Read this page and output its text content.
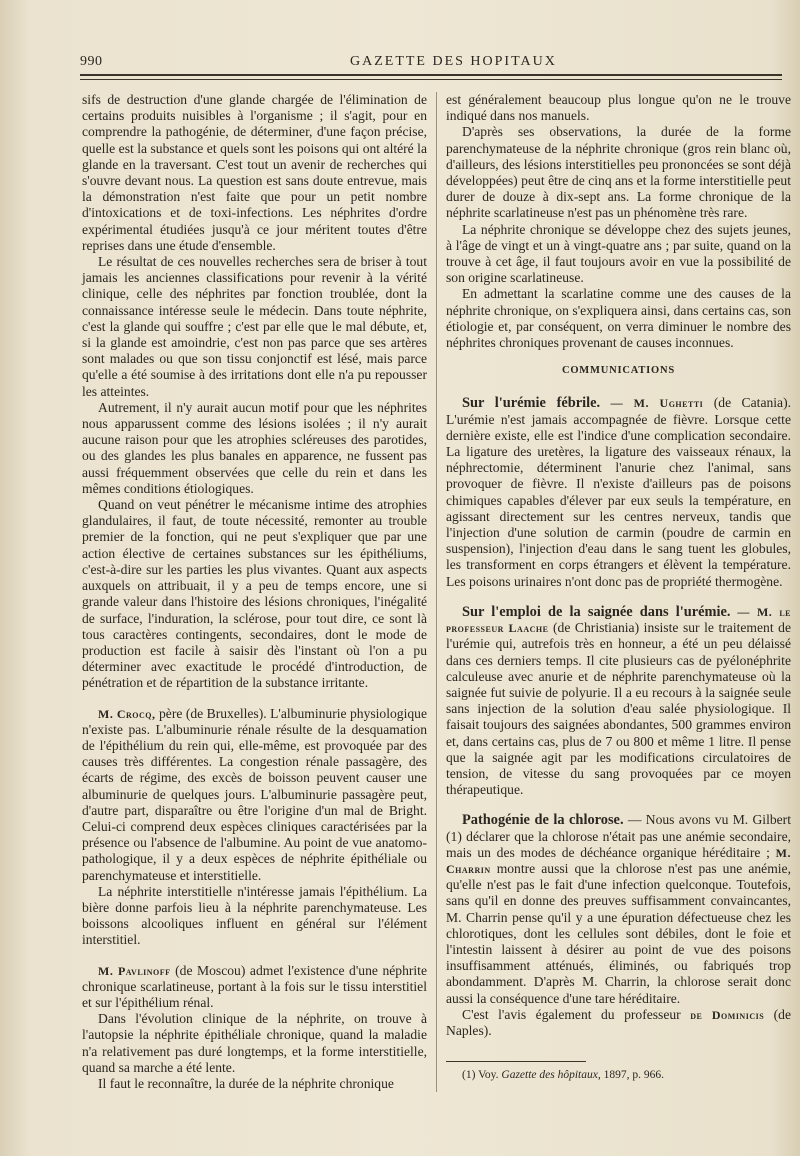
990	GAZETTE DES HOPITAUX

sifs de destruction d'une glande chargée de l'élimination de certains produits nuisibles à l'organisme ; il s'agit, pour en comprendre la pathogénie, de déterminer, d'une façon précise, quelle est la substance et quels sont les poisons qui ont altéré la glande en la traversant. C'est tout un avenir de recherches qui s'ouvre devant nous. La question est sans doute entrevue, mais la démonstration n'est faite que pour un petit nombre d'intoxications et de toxi-infections. Les néphrites d'ordre expérimental étudiées jusqu'à ce jour méritent toutes d'être reprises dans une étude d'ensemble.

Le résultat de ces nouvelles recherches sera de briser à tout jamais les anciennes classifications pour revenir à la vérité clinique, celle des néphrites par fonction troublée, dont la connaissance intéresse seule le médecin. Dans toute néphrite, c'est la glande qui souffre ; c'est par elle que le mal débute, et, si la glande est amoindrie, c'est non pas parce que ses artères sont malades ou que son tissu conjonctif est lésé, mais parce qu'elle a été soumise à des irritations dont elle n'a pu repousser les atteintes.

Autrement, il n'y aurait aucun motif pour que les néphrites nous apparussent comme des lésions isolées ; il n'y aurait aucune raison pour que les atrophies scléreuses des parotides, ou des glandes les plus banales en apparence, ne fussent pas aussi fréquemment observées que celle du rein et dans les mêmes conditions étiologiques.

Quand on veut pénétrer le mécanisme intime des atrophies glandulaires, il faut, de toute nécessité, remonter au trouble premier de la fonction, qui ne peut s'expliquer que par une action élective de certaines substances sur les épithéliums, c'est-à-dire sur les parties les plus vivantes. Quant aux aspects auxquels on attribuait, il y a peu de temps encore, une si grande valeur dans l'histoire des lésions chroniques, l'inégalité de surface, l'induration, la sclérose, pour tout dire, ce sont là tous caractères contingents, secondaires, dont le mode de production est facile à saisir dès l'instant où l'on a pu déterminer avec exactitude le procédé d'introduction, de pénétration et de répartition de la substance irritante.

M. Crocq, père (de Bruxelles). L'albuminurie physiologique n'existe pas. L'albuminurie rénale résulte de la desquamation de l'épithélium du rein qui, elle-même, est provoquée par des causes très différentes. La congestion rénale passagère, des écarts de régime, des excès de boisson peuvent causer une albuminurie de quelques jours. L'albuminurie passagère peut, d'autre part, disparaître ou être l'origine d'un mal de Bright. Celui-ci comprend deux espèces cliniques caractérisées par la présence ou l'absence de l'albumine. Au point de vue anatomo-pathologique, il y a deux espèces de néphrite épithéliale ou parenchymateuse et interstitielle.

La néphrite interstitielle n'intéresse jamais l'épithélium. La bière donne parfois lieu à la néphrite parenchymateuse. Les boissons alcooliques influent en général sur l'élément interstitiel.

M. Pavlinoff (de Moscou) admet l'existence d'une néphrite chronique scarlatineuse, portant à la fois sur le tissu interstitiel et sur l'épithélium rénal.

Dans l'évolution clinique de la néphrite, on trouve à l'autopsie la néphrite épithéliale chronique, quand la maladie n'a relativement pas duré longtemps, et la forme interstitielle, quand sa marche a été lente.

Il faut le reconnaître, la durée de la néphrite chronique

est généralement beaucoup plus longue qu'on ne le trouve indiqué dans nos manuels.

D'après ses observations, la durée de la forme parenchymateuse de la néphrite chronique (gros rein blanc où, d'ailleurs, des lésions interstitielles peu prononcées se sont déjà développées) peut être de cinq ans et la forme interstitielle peut durer de douze à dix-sept ans. La forme chronique de la néphrite scarlatineuse n'est pas un phénomène très rare.

La néphrite chronique se développe chez des sujets jeunes, à l'âge de vingt et un à vingt-quatre ans ; par suite, quand on la trouve à cet âge, il faut toujours avoir en vue la possibilité de son origine scarlatineuse.

En admettant la scarlatine comme une des causes de la néphrite chronique, on s'expliquera ainsi, dans certains cas, son étiologie et, par conséquent, on verra diminuer le nombre des néphrites chroniques provenant de causes inconnues.

COMMUNICATIONS

Sur l'urémie fébrile. — M. Ughetti (de Catania). L'urémie n'est jamais accompagnée de fièvre. Lorsque cette dernière existe, elle est l'indice d'une complication secondaire. La ligature des uretères, la ligature des vaisseaux rénaux, la néphrectomie, déterminent l'anurie chez l'animal, sans provoquer de fièvre. Il n'existe d'ailleurs pas de poisons chimiques capables d'élever par eux seuls la température, en agissant directement sur les centres nerveux, tandis que l'injection d'une solution de carmin (poudre de carmin en suspension), l'injection d'eau dans le sang tuent les globules, les transforment en corps étrangers et élèvent la température. Les poisons urinaires n'ont donc pas de propriété thermogène.

Sur l'emploi de la saignée dans l'urémie. — M. le professeur Laache (de Christiania) insiste sur le traitement de l'urémie qui, autrefois très en honneur, a été un peu délaissé dans ces derniers temps. Il cite plusieurs cas de pyélonéphrite calculeuse avec anurie et de néphrite parenchymateuse où la saignée fut suivie de polyurie. Il a eu recours à la saignée seule sans injection de la solution d'eau salée physiologique. Il faisait toujours des saignées abondantes, 500 grammes environ et, dans certains cas, plus de 7 ou 800 et même 1 litre. Il pense que la saignée agit par les modifications circulatoires de tension, de vitesse du sang provoquées par ce moyen thérapeutique.

Pathogénie de la chlorose. — Nous avons vu M. Gilbert (1) déclarer que la chlorose n'était pas une anémie secondaire, mais un des modes de déchéance organique héréditaire ; M. Charrin montre aussi que la chlorose n'est pas une anémie, qu'elle n'est pas le fait d'une infection quelconque. Toutefois, sans qu'il en donne des preuves suffisamment convaincantes, M. Charrin pense qu'il y a une épuration défectueuse chez les chlorotiques, dont les cellules sont débiles, dont le foie et l'intestin laissent à désirer au point de vue des poisons insuffisamment atténués, éliminés, ou fabriqués trop abondamment. D'après M. Charrin, la chlorose serait donc aussi la conséquence d'une tare héréditaire.

C'est l'avis également du professeur de Dominicis (de Naples).

(1) Voy. Gazette des hôpitaux, 1897, p. 966.
